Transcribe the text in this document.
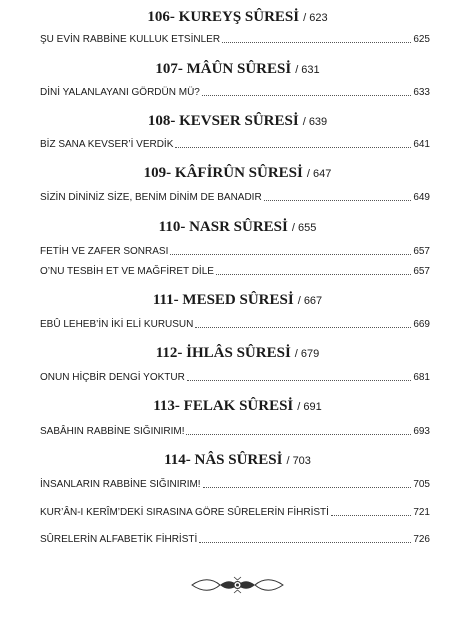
106- KUREYŞ SÛRESİ / 623
ŞU EVİN RABBİNE KULLUK ETSİNLER	625
107- MÂÛN SÛRESİ / 631
DİNİ YALANLAYANI GÖRDÜN MÜ?	633
108- KEVSER SÛRESİ / 639
BİZ SANA KEVSER’İ VERDİK	641
109- KÂFİRÛN SÛRESİ / 647
SİZİN DİNİNİZ SİZE, BENİM DİNİM DE BANADIR	649
110- NASR SÛRESİ / 655
FETİH VE ZAFER SONRASI	657
O’NU TESBİH ET VE MAĞFİRET DİLE	657
111- MESED SÛRESİ / 667
EBÛ LEHEB’İN İKİ ELİ KURUSUN	669
112- İHLÂS SÛRESİ / 679
ONUN HİÇBİR DENGİ YOKTUR	681
113- FELAK SÛRESİ / 691
SABÂHIN RABBİNE SIĞINIRIM!	693
114- NÂS SÛRESİ / 703
İNSANLARIN RABBİNE SIĞINIRIM!	705
KUR’ÂN-I KERÎM’DEKİ SIRASINA GÖRE SÛRELERİN FİHRİSTİ	721
SÛRELERİN ALFABETİK FİHRİSTİ	726
